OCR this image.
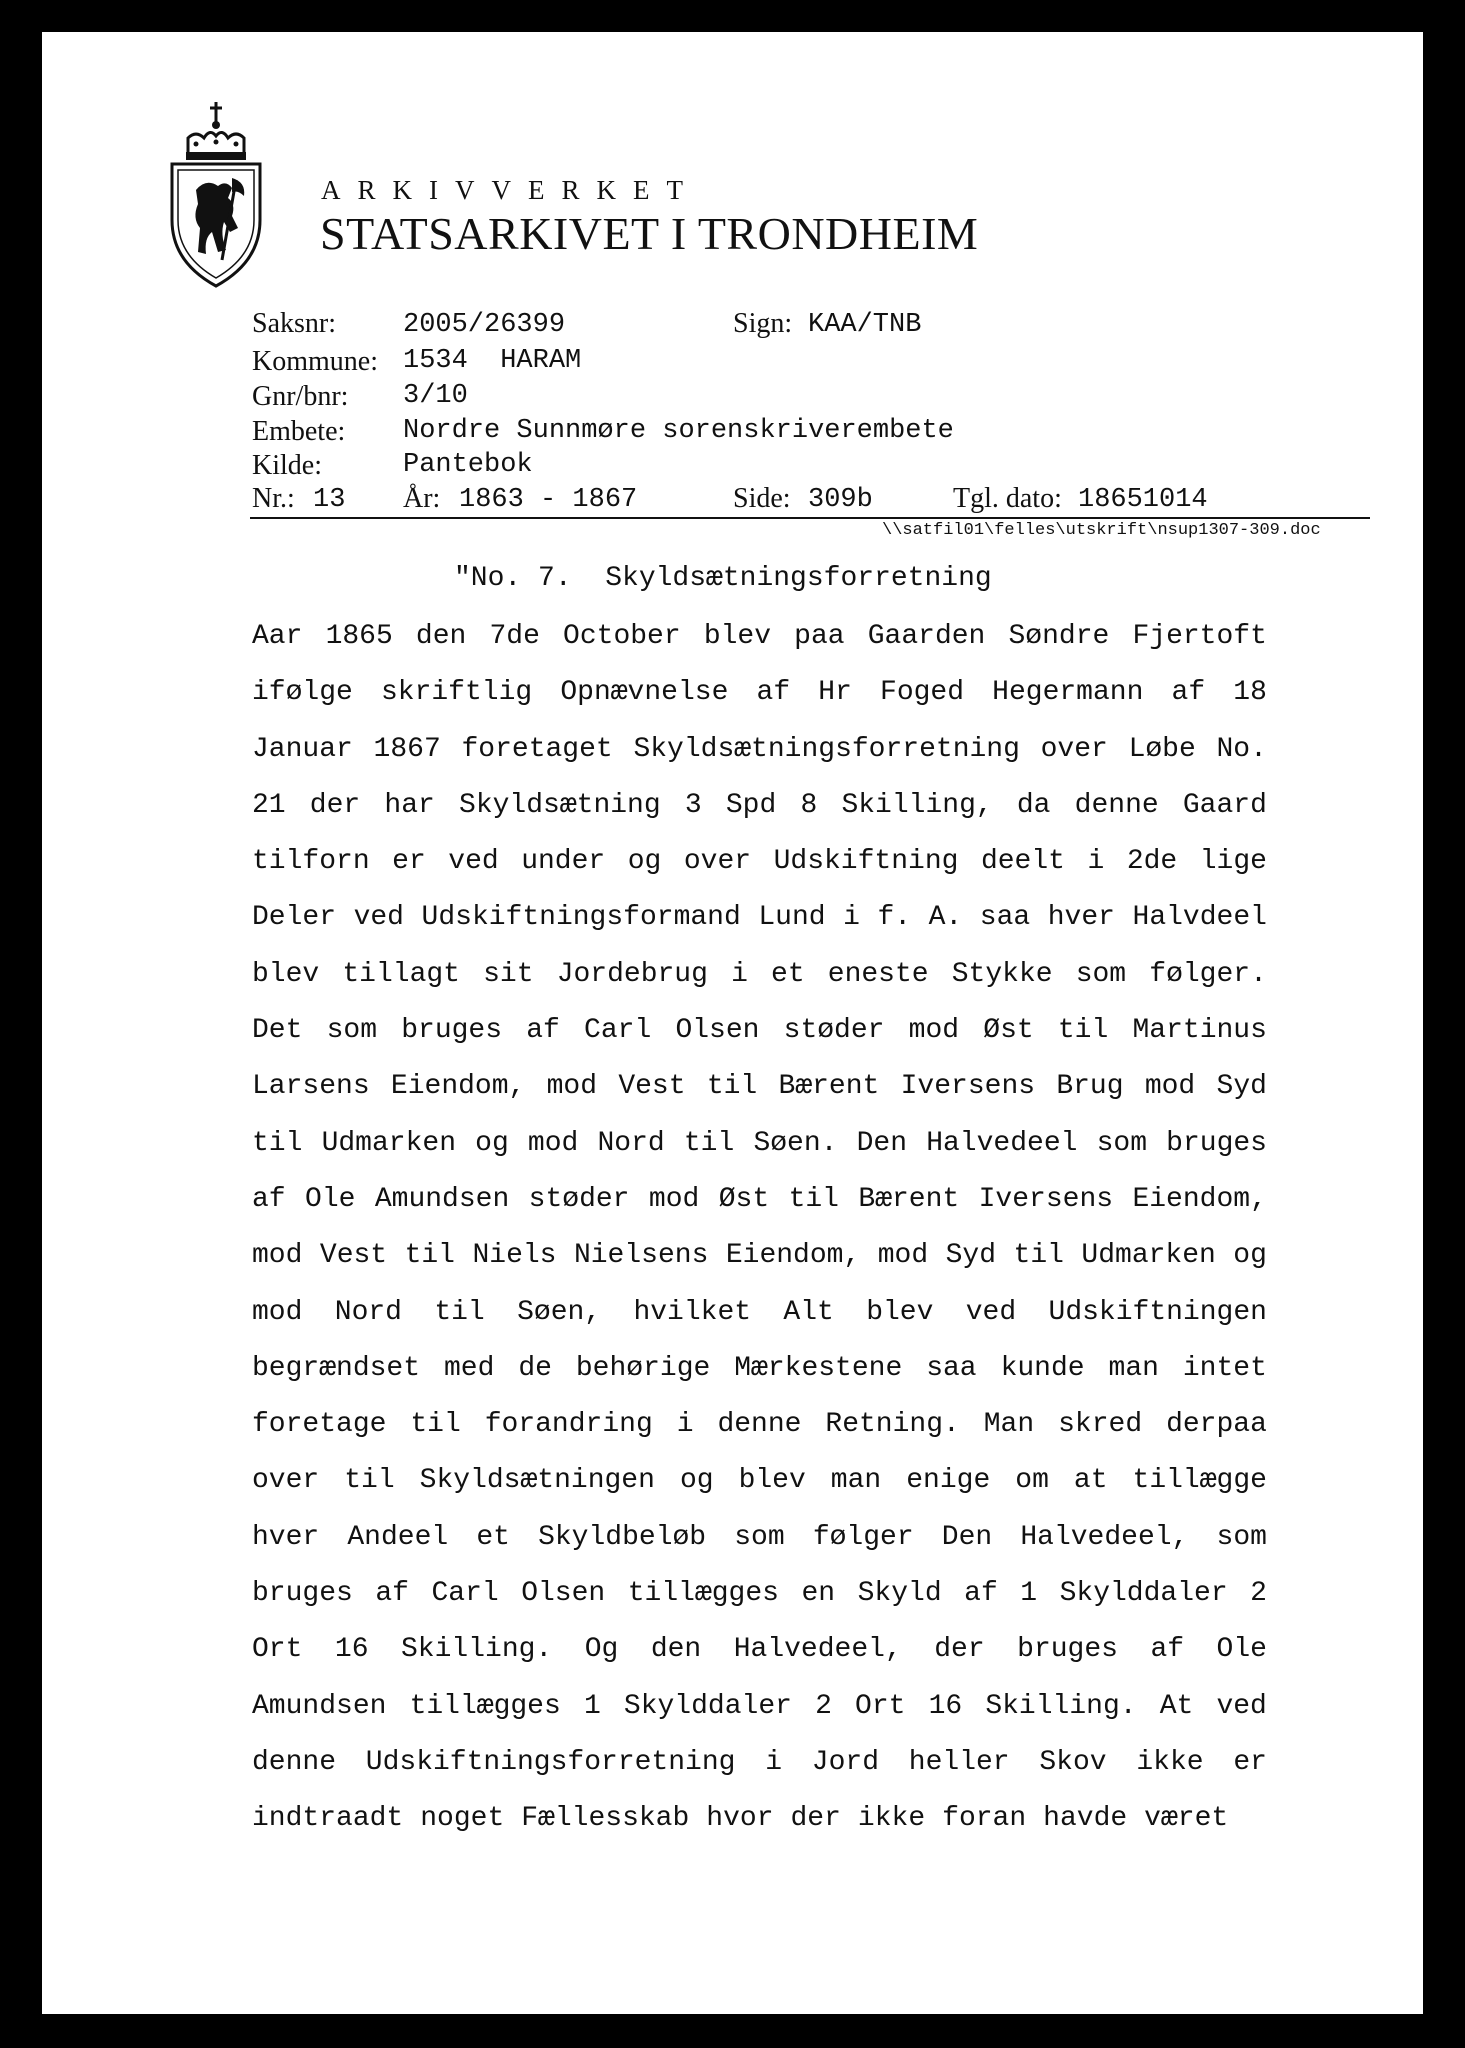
ARKIVVERKET
STATSARKIVET I TRONDHEIM
Saksnr: 2005/26399	Sign: KAA/TNB
Kommune: 1534  HARAM
Gnr/bnr: 3/10
Embete: Nordre Sunnmøre sorenskriverembete
Kilde:	Pantebok
Nr.: 13 År: 1863 - 1867	Side: 309b	Tgl. dato: 18651014
\\satfil01\felles\utskrift\nsup1307-309.doc
"No. 7.  Skyldsætningsforretning
Aar 1865 den 7de October blev paa Gaarden Søndre Fjertoft
ifølge skriftlig Opnævnelse af Hr Foged Hegermann af 18
Januar 1867 foretaget Skyldsætningsforretning over Løbe No.
21 der har Skyldsætning 3 Spd 8 Skilling, da denne Gaard
tilforn er ved under og over Udskiftning deelt i 2de lige
Deler ved Udskiftningsformand Lund i f. A. saa hver Halvdeel
blev tillagt sit Jordebrug i et eneste Stykke som følger.
Det som bruges af Carl Olsen støder mod Øst til Martinus
Larsens Eiendom, mod Vest til Bærent Iversens Brug mod Syd
til Udmarken og mod Nord til Søen. Den Halvedeel som bruges
af Ole Amundsen støder mod Øst til Bærent Iversens Eiendom,
mod Vest til Niels Nielsens Eiendom, mod Syd til Udmarken og
mod Nord til Søen, hvilket Alt blev ved Udskiftningen
begrændset med de behørige Mærkestene saa kunde man intet
foretage til forandring i denne Retning. Man skred derpaa
over til Skyldsætningen og blev man enige om at tillægge
hver Andeel et Skyldbeløb som følger Den Halvedeel, som
bruges af Carl Olsen tillægges en Skyld af 1 Skylddaler 2
Ort 16 Skilling. Og den Halvedeel, der bruges af Ole
Amundsen tillægges 1 Skylddaler 2 Ort 16 Skilling. At ved
denne Udskiftningsforretning i Jord heller Skov ikke er
indtraadt noget Fællesskab hvor der ikke foran havde været
